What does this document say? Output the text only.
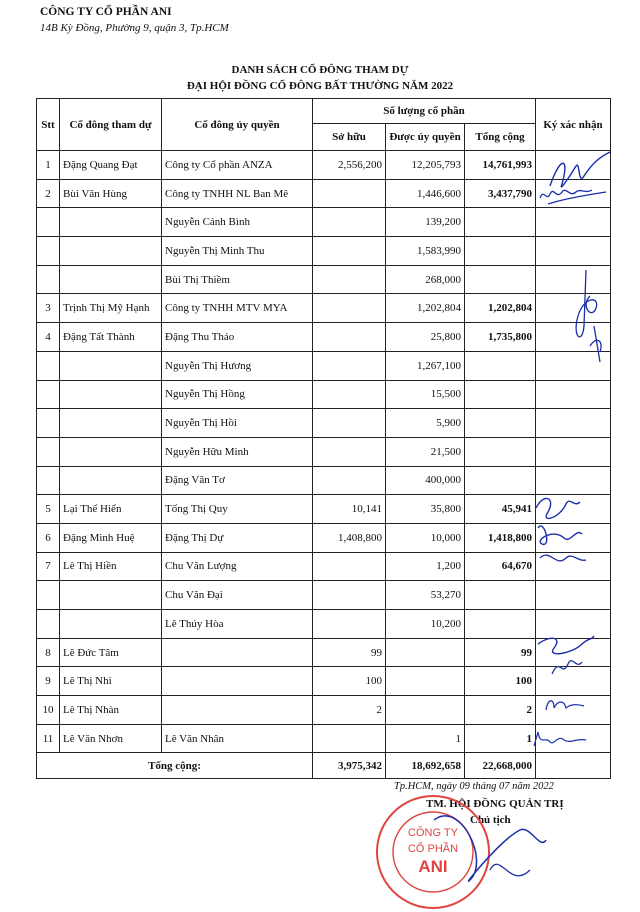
CÔNG TY CỔ PHẦN ANI
14B Kỳ Đồng, Phường 9, quận 3, Tp.HCM
DANH SÁCH CỔ ĐÔNG THAM DỰ
ĐẠI HỘI ĐỒNG CỔ ĐÔNG BẤT THƯỜNG NĂM 2022
Stt	Cổ đông tham dự	Cổ đông ủy quyền	Số lượng cổ phần			Ký xác nhận
			Sở hữu	Được ủy quyền	Tổng cộng	
1	Đặng Quang Đạt	Công ty Cổ phần ANZA	2,556,200	12,205,793	14,761,993	
2	Bùi Văn Hùng	Công ty TNHH NL Ban Mê		1,446,600	3,437,790	
		Nguyễn Cảnh Bình		139,200		
		Nguyễn Thị Minh Thu		1,583,990		
		Bùi Thị Thiềm		268,000		
3	Trịnh Thị Mỹ Hạnh	Công ty TNHH MTV MYA		1,202,804	1,202,804	
4	Đặng Tất Thành	Đặng Thu Thảo		25,800	1,735,800	
		Nguyễn Thị Hương		1,267,100		
		Nguyễn Thị Hồng		15,500		
		Nguyễn Thị Hồi		5,900		
		Nguyễn Hữu Minh		21,500		
		Đặng Văn Tơ		400,000		
5	Lại Thế Hiển	Tống Thị Quy	10,141	35,800	45,941	
6	Đặng Minh Huệ	Đặng Thị Dự	1,408,800	10,000	1,418,800	
7	Lê Thị Hiền	Chu Văn Lượng		1,200	64,670	
		Chu Văn Đại		53,270		
		Lê Thúy Hòa		10,200		
8	Lê Đức Tâm		99		99	
9	Lê Thị Nhi		100		100	
10	Lê Thị Nhàn		2		2	
11	Lê Văn Nhơn	Lê Văn Nhân		1	1	
Tổng cộng:			3,975,342	18,692,658	22,668,000	
Tp.HCM, ngày 09 tháng 07 năm 2022
TM. HỘI ĐỒNG QUẢN TRỊ
Chủ tịch
CÔNG TY
CỔ PHẦN
ANI
